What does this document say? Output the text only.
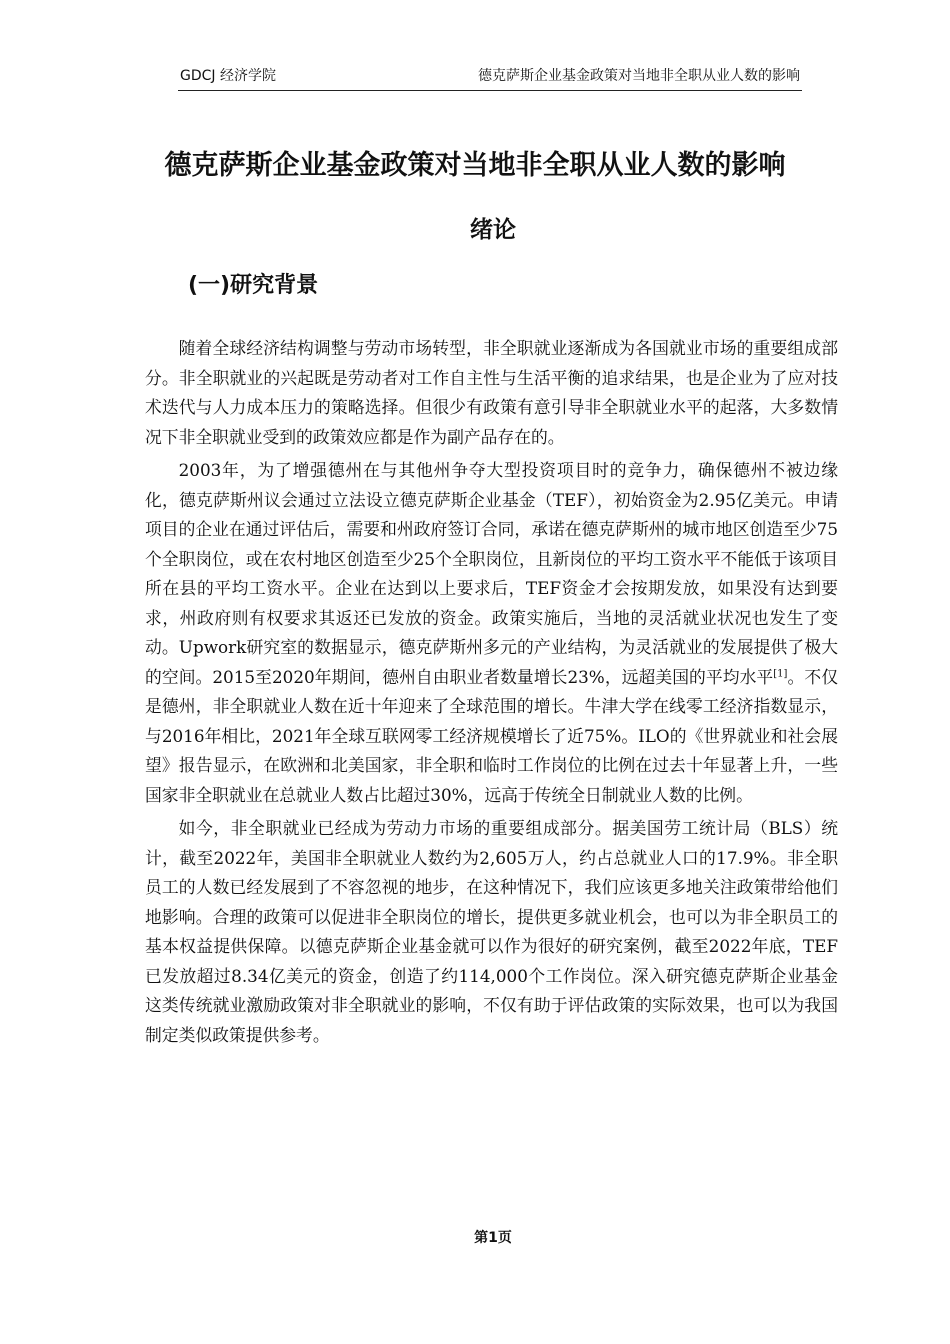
GDCJ 经济学院	德克萨斯企业基金政策对当地非全职从业人数的影响
德克萨斯企业基金政策对当地非全职从业人数的影响
绪论
(一)研究背景

随着全球经济结构调整与劳动市场转型，非全职就业逐渐成为各国就业市场的重要组成部分。非全职就业的兴起既是劳动者对工作自主性与生活平衡的追求结果，也是企业为了应对技术迭代与人力成本压力的策略选择。但很少有政策有意引导非全职就业水平的起落，大多数情况下非全职就业受到的政策效应都是作为副产品存在的。

2003年，为了增强德州在与其他州争夺大型投资项目时的竞争力，确保德州不被边缘化，德克萨斯州议会通过立法设立德克萨斯企业基金（TEF），初始资金为2.95亿美元。申请项目的企业在通过评估后，需要和州政府签订合同，承诺在德克萨斯州的城市地区创造至少75个全职岗位，或在农村地区创造至少25个全职岗位，且新岗位的平均工资水平不能低于该项目所在县的平均工资水平。企业在达到以上要求后，TEF资金才会按期发放，如果没有达到要求，州政府则有权要求其返还已发放的资金。政策实施后，当地的灵活就业状况也发生了变动。Upwork研究室的数据显示，德克萨斯州多元的产业结构，为灵活就业的发展提供了极大的空间。2015至2020年期间，德州自由职业者数量增长23%，远超美国的平均水平[1]。不仅是德州，非全职就业人数在近十年迎来了全球范围的增长。牛津大学在线零工经济指数显示，与2016年相比，2021年全球互联网零工经济规模增长了近75%。ILO的《世界就业和社会展望》报告显示，在欧洲和北美国家，非全职和临时工作岗位的比例在过去十年显著上升，一些国家非全职就业在总就业人数占比超过30%，远高于传统全日制就业人数的比例。

如今，非全职就业已经成为劳动力市场的重要组成部分。据美国劳工统计局（BLS）统计，截至2022年，美国非全职就业人数约为2,605万人，约占总就业人口的17.9%。非全职员工的人数已经发展到了不容忽视的地步，在这种情况下，我们应该更多地关注政策带给他们地影响。合理的政策可以促进非全职岗位的增长，提供更多就业机会，也可以为非全职员工的基本权益提供保障。以德克萨斯企业基金就可以作为很好的研究案例，截至2022年底，TEF已发放超过8.34亿美元的资金，创造了约114,000个工作岗位。深入研究德克萨斯企业基金这类传统就业激励政策对非全职就业的影响，不仅有助于评估政策的实际效果，也可以为我国制定类似政策提供参考。

第1页
